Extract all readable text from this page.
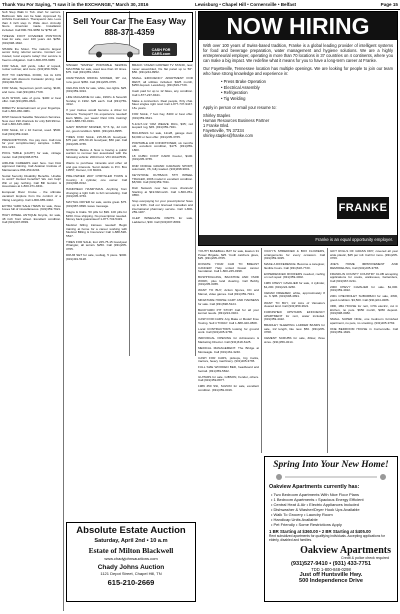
Thank You For Saying, "I saw it in the EXCHANGE," March 30, 2016	Lewisburg • Chapel Hill • Cornersville • Belfast	Page 15

Soft Step Walk In Tub. Alert for seniors. Bathroom falls can be fatal. Approved by Arthritis Foundation. Therapeutic Jets. Less than 4 inch step in. Wide door. Anti-slip floors. American made. Installation included. Call 800-791-9850 for $750 off.

TWELVE FOOT COVERED PONTOON boat for sale, over 100 years old. $250. (931)698-1822.

SHARE the Motor. The nation's largest senior living referral service. Contact our trusted, local experts today! Our service is free/no obligation. Call 1-800-978-9389

FOR SALE, 4x8 yards, roller of topsoil, rocker recliner, and more. (931)359-7829.

HOT TIX CENTRAL FOOD, hot tix 10% dinner with discount. Fantastic pricing. Call (931)492-5100.

FOR SALE, Superman porch swing, $100, and more. Call (931)364-7728.

GUN SHOW, sale of guns. $400 or best offer. Call (931)359-3621.

DIRECTV. Entertainment at your fingertips. Call 1-800-360-4981.

DISH Network Satellite Television Services. Now over 190 channels for only $19.99/mo. Call 1-800-615-4064.

FOR SALE, 10 x 10 Kennel, used. $500. Call (931)359-4422.

PRESCRIPTIONS. You pay zero. Call now for your complimentary samples. 1-800-831-1234.

POOL TABLE (LIGHT) for sale, vintage model. Call (931)698-8754.

AIRLINE CAREERS start here. Get FAA approved training. Call Aviation Institute of Maintenance 866-453-6204.

Social Security Disability Benefits. Unable to work? Denied benefits? We can help! Win or pay nothing. Call Bill Gordon & Associates at 1-800-371-9431.

European River Cruise - the ultimate vacation! Explore from the comfort of a Viking Longship. Call 1-800-985-4402.

EXTRA YARD SALE ITEMS for sale, three boxes full of miscellaneous. (931)359-7921.

HIGH WHEEL ANTIQUE bicycle, for sale, 48 inch front wheel. Excellent condition. Call (931)607-8893.

Sell Your Car The Easy Way
888-371-4359
CASH FOR CARS.com

SINGER "SIMPLE" PORTABLE SEWING MACHINE for sale, used less than 10 times. $75. Call (931)359-1844.

CRAFTSMAN RIDING MOWER, 38" cut, runs good. $350. Call (931)205-3765.

CEILING FAN for sale, white, two lights. $25. (931)359-3324.

LIFE MAGAZINE for sale, 1960's & Seventh Sunday in 1962. $25 each. Call (931)759-4312.

If your trainee would become a driver for Stevens Transport? No experience needed! Earn $800+ per week! Paid CDL training! Call 1-888-740-0341.

GARY BISHOP MOWER, 57.5 hp, 42 inch cut, good condition. $300. (931)224-8955.

TIRES FOR SALE, 215-65-16 Goodyear, $75 pair; 205-60-16 Goodyear, $50 pair. Call (931)205-3765.

NOTICE: Before & Now is having a public auction to recover lien associated with the following vehicle: 2004 Ford. VIN 1FALP53S.

Wants to purchase minerals and other oil and gas interests. Send details to P.O. Box 13557, Denver, CO 80201.

PRE-OWNED 2007 CHRYSLER TOWN & Country, 4 cylinder, one owner. Call (931)698-8312.

HANDHELD HANDYMAN. Anything from changing a light bulb to full remodeling. Call (931)205-3763.

MAYTAG DRYER for sale, works great. $75. (931)987-6896. leave message.

Viagra & Cialis. 50 pills for $99. 100 pills for $150. Free shipping. No prescription needed. Money back guaranteed! 1-877-743-5419.

Medical billing trainees needed! Begin training at home for a career working with Medical Billing & Insurance! Call 1-888-528-5547.

TIRES FOR SALE, four 225-75-15 Goodyear Wrangler, all terrain. $250. Call (931)205-3765.

DRUM SET for sale, Ludwig, 5 piece. $300. (931)491-5128.

BRACK YASARI GORSER TV STAND, new, never assembled, fits flat panel up to 50". $50. (931)244-8952.

SMALL EFFICIENCY APARTMENT FOR RENT, all utilities included. $425 month, $250 deposit. Lewisburg. (931)619-7729.

Cash paid for up to 12 bikes, any condition. Call 1-877-237-8441.

Make a connection. Real people, flirty chat. Meet singles right now! Call 1-877-737-9447. 18+ years.

FOR SALE, 7 foot hay, 8400 or best offer. (931)359-3621.

5-1/4x7-1/2 YAM WEAVE RUG, $35; red leopard rug, $45. (931)359-7921.

BUILDINGS for sale, 12x28, garage door. $3,000 or best offer. (931)205-3765.

PORTABLE AIR CONDITIONER, six months old, excellent condition, $175. (931)359-1800.

18 CUBIC FOOT KARR freezer, $100. (931)205-3765.

DNR DODGE GRAND CARAVAN SPORT, automatic, V6, fully loaded. (931)698-9001.

KEYSTONE OUTBACK 5TH WHEEL TRAILER, 2006 model in excellent condition. $8,500. Call (931)359-7911.

Dish Network now has more channels! Starting at $19.99/month. Call 1-800-351-0850.

Stop overpaying for your prescriptions! Save up to 93%. Call our licensed Canadian and international pharmacy service. Call 1-800-259-1187.

CLEP WINEGATE PARTS for sale, Ladderner, $30. Call (931)607-8893.

Absolute Estate Auction
Saturday, April 2nd • 10 a.m
Estate of Milton Blackwell
www.chadyjohnsauctions.com
Chady Johns Auction
1121 Depot Street, Chapel Hill, TN
615-210-2669
NOW HIRING
With over 100 years of Swiss-based tradition, Franke is a global leading provider of intelligent systems for food and beverage preparation, water management and hygiene solutions. We are a highly entrepreneurial employer, operating in more than 70 locations in 37 countries on 4 continents, where you can make a big impact. We redefine what it means for you to have a long-term career at Franke.
Our Fayetteville, Tennessee location has multiple openings. We are looking for people to join our team who have strong knowledge and experience in:
• Press Brake Operation
• Electrical Assembly
• Refrigeration
• Tig Welding
Apply in person or email your resume to:
Shirley Staples
Human Resources Business Partner
1 Franke Blvd.
Fayetteville, TN 37334
shirley.staples@franke.com
FRANKE
Franke is an equal opportunity employer.

YOUTH BASEBALL BAT for sale, Easton 31 Power Brigade, $25. Youth catchers glove, $25. (931)205-3765.

DONATE YOUR CAR TO BREAST CANCER! Help united breast cancer foundation. Call 1-800-245-0398.

BUSHHOGGING, BACKHOE AND YARD WORK, plus land clearing. Call Bobby (931)205-0365.

WANT TO BUY, Action figures, DC and Marvel, video games. Call (931)359-7921.

MINIATURE HORSE CART AND HARNESS for sale. Call (931)698-5124.

BACKYARD PIT STOP! Call for all your kennel needs. (931)224-3324.

CASH FOR CARS: Any Make or Model! Free Towing. Sell it TODAY. Call 1-888-420-3808.

Local CONTRACTORS looking for ground work. Call (931)205-3765.

INDIVIDUAL OPENING for Admissions & Marketing Director. Call (931)618-6125.

MEDICAL MANAGEMENT. The Bridge at Monteagle. Call (931)461-3240.

CASH FOR CARS, pickups, big trucks, tractors, heavy machinery. (931)205-3765.

FULL SIZE WOODEN BED, headboard and footrail. (931)359-5822.

GUITARS for sale, GIBSON, Fender, others. Call (931)359-8877.

1986 450 SSI, SUZUKI for sale, excellent condition. (931)359-0016.

VICKY'S SHREDDED & BOX FLOWERS, arrangements for every occasion. Call (931)359-3325.

MAKE A DIFFERENCE. Become a caregiver, flexible hours. Call (931)618-7720.

EXPERIENCED ROOFERS needed, roofing or roof repair. (931)359-4002.

1989 CHEVY CAVALIER for sale, 4 cylinder, $1,200. (931)224-3260.

CEDAR FREEZER, white, approximately 8 cu. ft. $95. (931)698-4891.

WANT TO BUY, 1/2 Acre of Vanuatu's cleared land. Call (931)359-3621.

FURNISHED UPSTAIRS EFFICIENCY APARTMENT for rent, water included. (931)359-4422.

BRADLEY SLEEPING LADDER BANDS for sale, 1/2 length, like new. $50. (931)205-3768.

CEMENT SCRUBS for sale, Zillow, three sizes. (931)359-3214.

GIFT ROLLS OF GRASS DRY, covered all year wide plastic, $25 per roll. Call for more. (931)205-3769.

JOE'S HOME IMPROVEMENT AND REMODELING, Call (931)205-3765.

FRANKLIN COUNTY COUNTRY CLUB accepting applications for cooks, waitresses, bartenders, Call (931)967-0211.

2000 CHEVY CAVALIER for sale. $1,000. (931)359-4922.

2001 CHEVROLET SUBURBAN for sale, 4WD, good condition. $3,500. Call (931)224-3286.

3RD, 1BA HOUSE for rent, CHA electric, cut in kitchen, no pets. $650 month, $450 deposit. (931)698-0082.

SMALL SUPER NICE, one bedroom furnished apartment, no pets, no smoking. (931)205-3763.

ONE BEDROOM HOUSE in Cornersville. Call (931)359-1829.

Spring Into Your New Home!
Oakview Apartments currently has:
• Two Bedroom Apartments With Nice Floor Plans
• 1 Bedroom Apartments • Spacious Energy Efficient
• Central Heat & Air • Electric Appliances Included
• Dishwasher & Washer/Dryer Hook Ups Available
• Walk To Grocery • Laundry Room
• Handicap Units Available
• Pet Friendly • Some Restrictions Apply
1 BR Starting at $360.00 • 2 BR Starting at $405.00
Rent subsidized apartments for qualifying individuals. Accepting applications for elderly, disabled and families.
Oakview Apartments
Credit & police check required
(931)527-9410 • (931) 433-7751
TDD 1-800-848-0298
Just off Huntsville Hwy.
500 Independence Drive
